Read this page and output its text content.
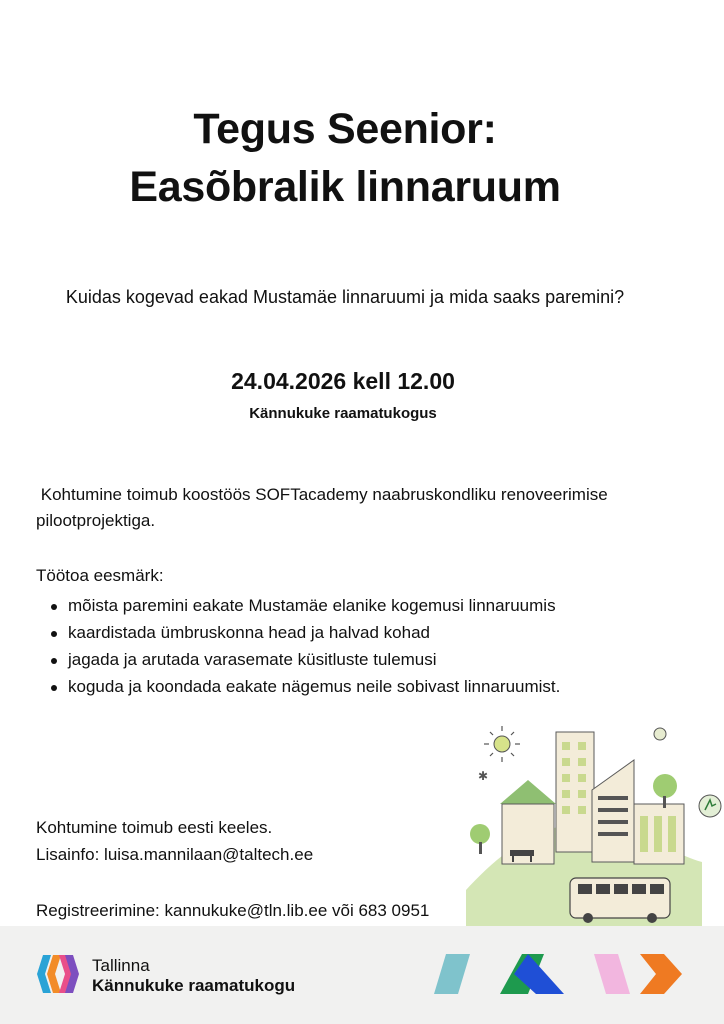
Tegus Seenior:
Easõbralik linnaruum
Kuidas kogevad eakad Mustamäe linnaruumi ja mida saaks paremini?
24.04.2026 kell 12.00
Kännukuke raamatukogus
Kohtumine toimub koostöös SOFTacademy naabruskondliku renoveerimise pilootprojektiga.
Töötoa eesmärk:
mõista paremini eakate Mustamäe elanike kogemusi linnaruumis
kaardistada ümbruskonna head ja halvad kohad
jagada ja arutada varasemate küsitluste tulemusi
koguda ja koondada eakate nägemus neile sobivast linnaruumist.
✱
Kohtumine toimub eesti keeles.
Lisainfo: luisa.mannilaan@taltech.ee
Registreerimine: kannukuke@tln.lib.ee või 683 0951
Tallinna
Kännukuke raamatukogu
